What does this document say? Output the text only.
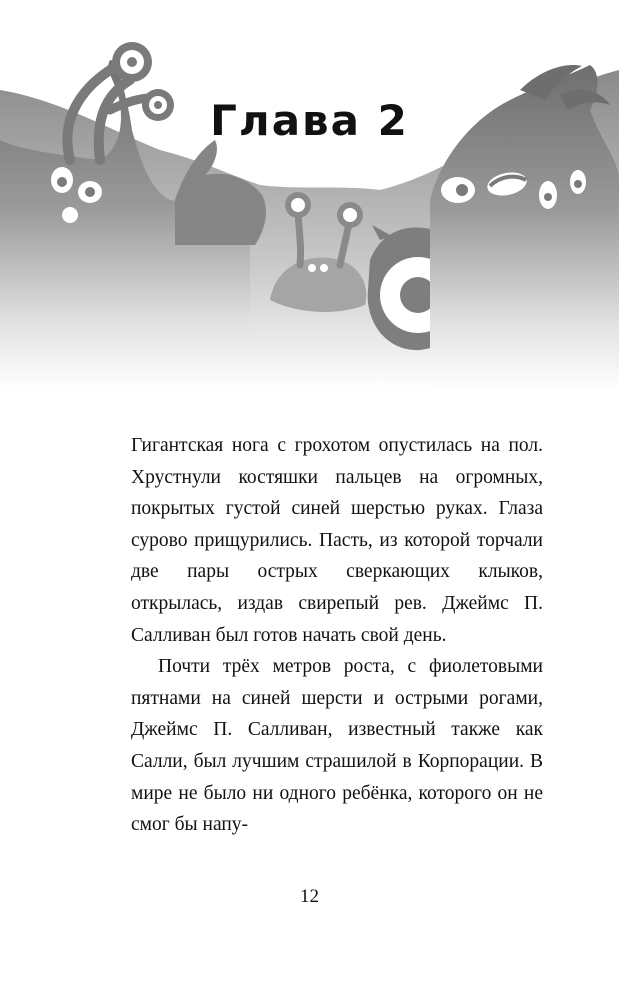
Глава 2

Гигантская нога с грохотом опустилась на пол. Хрустнули костяшки пальцев на огромных, покрытых густой синей шерстью руках. Глаза сурово прищурились. Пасть, из которой торчали две пары острых сверкающих клыков, открылась, издав свирепый рев. Джеймс П. Салливан был готов начать свой день.

Почти трёх метров роста, с фиолетовыми пятнами на синей шерсти и острыми рогами, Джеймс П. Салливан, известный также как Салли, был лучшим страшилой в Корпорации. В мире не было ни одного ребёнка, которого он не смог бы напу-

12
